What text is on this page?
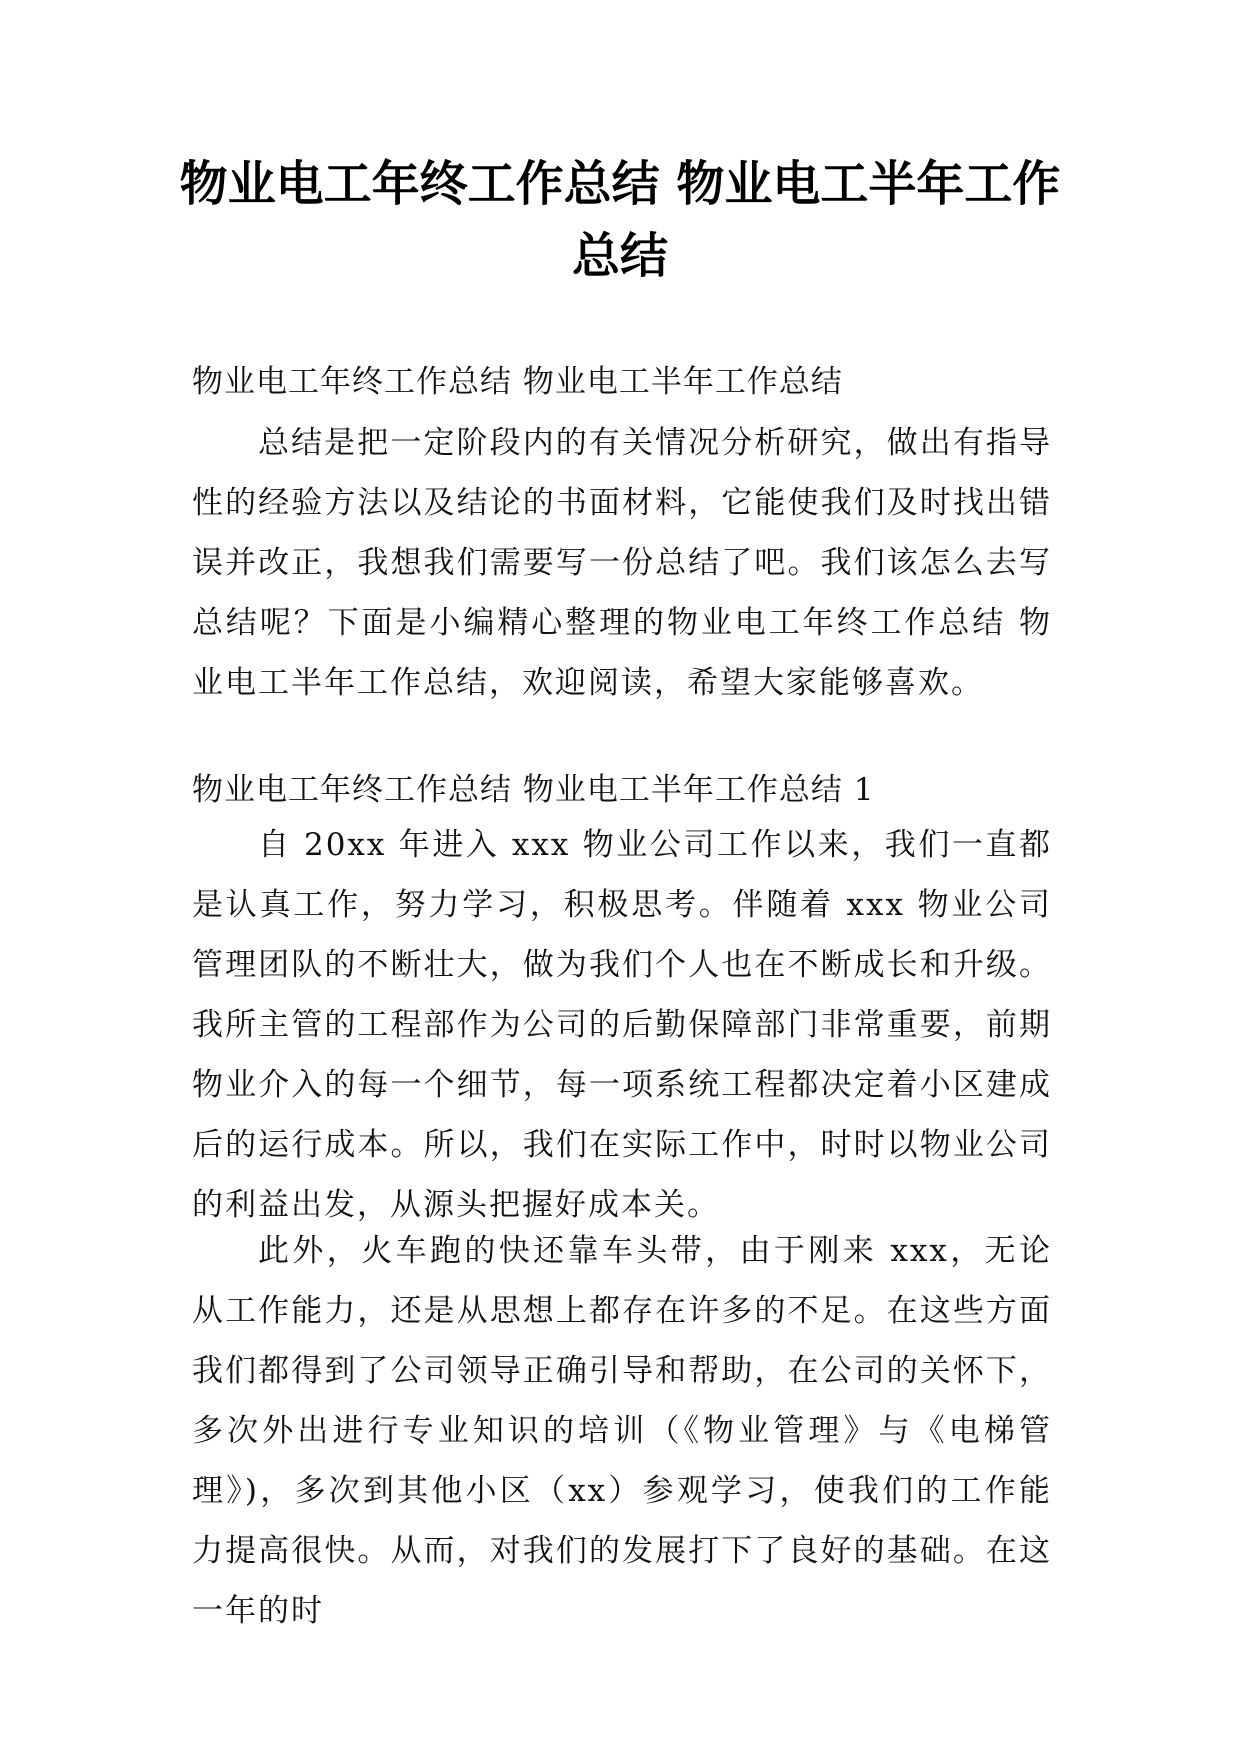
物业电工年终工作总结 物业电工半年工作
总结
物业电工年终工作总结 物业电工半年工作总结
总结是把一定阶段内的有关情况分析研究，做出有指导性的经验方法以及结论的书面材料，它能使我们及时找出错误并改正，我想我们需要写一份总结了吧。我们该怎么去写总结呢？下面是小编精心整理的物业电工年终工作总结 物业电工半年工作总结，欢迎阅读，希望大家能够喜欢。
物业电工年终工作总结 物业电工半年工作总结 1
自 20xx 年进入 xxx 物业公司工作以来，我们一直都是认真工作，努力学习，积极思考。伴随着 xxx 物业公司管理团队的不断壮大，做为我们个人也在不断成长和升级。我所主管的工程部作为公司的后勤保障部门非常重要，前期物业介入的每一个细节，每一项系统工程都决定着小区建成后的运行成本。所以，我们在实际工作中，时时以物业公司的利益出发，从源头把握好成本关。
此外，火车跑的快还靠车头带，由于刚来 xxx，无论从工作能力，还是从思想上都存在许多的不足。在这些方面我们都得到了公司领导正确引导和帮助，在公司的关怀下，多次外出进行专业知识的培训（《物业管理》与《电梯管理》)，多次到其他小区（xx）参观学习，使我们的工作能力提高很快。从而，对我们的发展打下了良好的基础。在这一年的时
